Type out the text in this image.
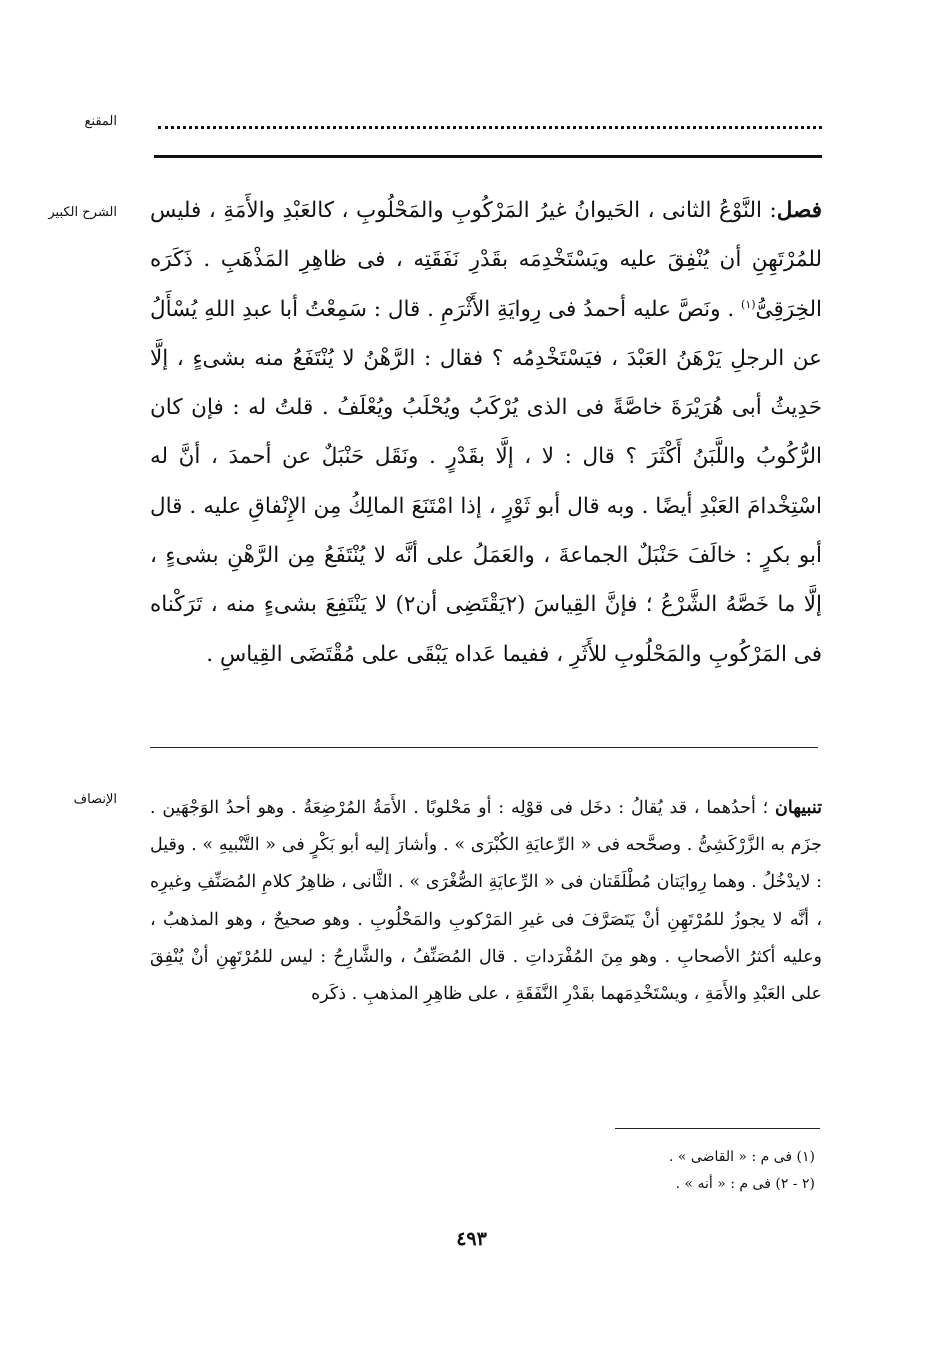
المقنع
الشرح الكبير	فصل: النَّوْعُ الثانى ، الحَيوانُ غيرُ المَرْكُوبِ والمَحْلُوبِ ، كالعَبْدِ والأَمَةِ ، فليس للمُرْتَهِنِ أن يُنْفِقَ عليه ويَسْتَخْدِمَه بقَدْرِ نَفَقَتِه ، فى ظاهِرِ المَذْهَبِ . ذَكَرَه الخِرَقِىُّ$^{(١)}$ . ونَصَّ عليه أحمدُ فى رِوايَةِ الأَثْرَمِ . قال : سَمِعْتُ أبا عبدِ اللهِ يُسْأَلُ عن الرجلِ يَرْهَنُ العَبْدَ ، فيَسْتَخْدِمُه ؟ فقال : الرَّهْنُ لا يُنْتَفَعُ منه بشىءٍ ، إلَّا حَدِيثُ أبى هُرَيْرَةَ خاصَّةً فى الذى يُرْكَبُ ويُحْلَبُ ويُعْلَفُ . قلتُ له : فإن كان الرُّكُوبُ واللَّبَنُ أَكْثَرَ ؟ قال : لا ، إلَّا بقَدْرٍ . ونَقَل حَنْبَلٌ عن أحمدَ ، أنَّ له اسْتِخْدامَ العَبْدِ أيضًا . وبه قال أبو ثَوْرٍ ، إذا امْتَنَعَ المالِكُ مِن الإِنْفاقِ عليه . قال أبو بكرٍ : خالَفَ حَنْبَلٌ الجماعةَ ، والعَمَلُ على أنَّه لا يُنْتَفَعُ مِن الرَّهْنِ بشىءٍ ، إلَّا ما خَصَّهُ الشَّرْعُ ؛ فإنَّ القِياسَ (٢يَقْتَضِى أن٢) لا يَنْتَفِعَ بشىءٍ منه ، تَرَكْناه فى المَرْكُوبِ والمَحْلُوبِ للأَثَرِ ، ففيما عَداه يَبْقَى على مُقْتَضَى القِياسِ .

الإنصاف	تنبيهان ؛ أحدُهما ، قد يُقالُ : دخَل فى قوْلِه : أو مَحْلوبًا . الأَمَةُ المُرْضِعَةُ . وهو أحدُ الوَجْهَين . جزَم به الزَّرْكَشِىُّ . وصحَّحه فى « الرِّعايَةِ الكُبْرَى » . وأشارَ إليه أبو بَكْرٍ فى « التَّنْبيهِ » . وقيل : لايدْخُلُ . وهما رِوايَتان مُطْلَقَتان فى « الرِّعايَةِ الصُّغْرَى » . الثَّانى ، ظاهِرُ كلامِ المُصَنِّفِ وغيرِه ، أنَّه لا يجوزُ للمُرْتَهِنِ أنْ يَتَصَرَّفَ فى غيرِ المَرْكوبِ والمَحْلُوبِ . وهو صحيحٌ ، وهو المذهبُ ، وعليه أكثرُ الأصحابِ . وهو مِنَ المُفْرَداتِ . قال المُصَنِّفُ ، والشَّارِحُ : ليس للمُرْتَهِنِ أنْ يُنْفِقَ على العَبْدِ والأَمَةِ ، ويسْتَخْدِمَهما بقَدْرِ النَّفَقَةِ ، على ظاهِرِ المذهبِ . ذكَره

(١) فى م : « القاضى » .
(٢ - ٢) فى م : « أنه » .
٤٩٣
